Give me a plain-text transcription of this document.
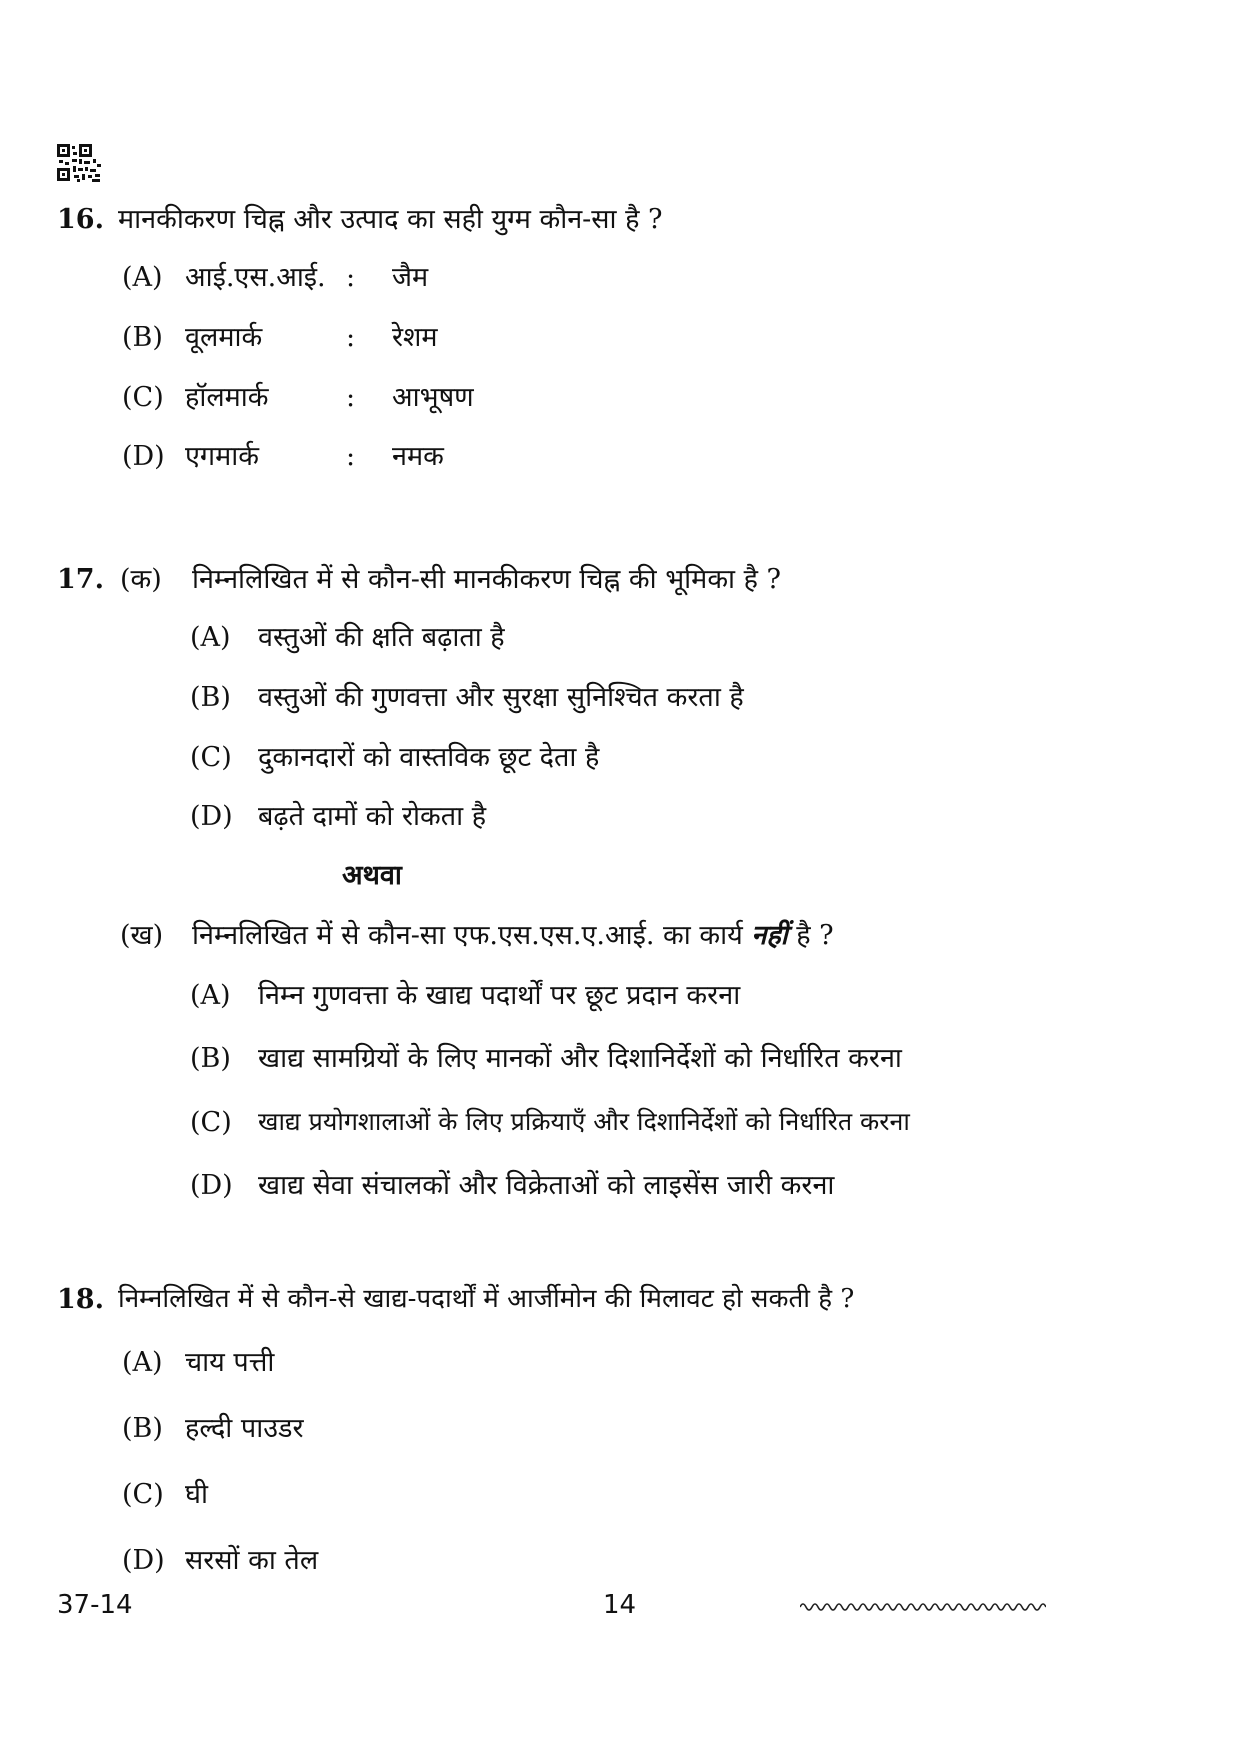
16. मानकीकरण चिह्न और उत्पाद का सही युग्म कौन-सा है ?
(A) आई.एस.आई. : जैम
(B) वूलमार्क	: रेशम
(C) हॉलमार्क	: आभूषण
(D) एगमार्क	: नमक
17. (क) निम्नलिखित में से कौन-सी मानकीकरण चिह्न की भूमिका है ?
(A) वस्तुओं की क्षति बढ़ाता है
(B) वस्तुओं की गुणवत्ता और सुरक्षा सुनिश्चित करता है
(C) दुकानदारों को वास्तविक छूट देता है
(D) बढ़ते दामों को रोकता है
अथवा
(ख) निम्नलिखित में से कौन-सा एफ.एस.एस.ए.आई. का कार्य नहीं है ?
(A) निम्न गुणवत्ता के खाद्य पदार्थों पर छूट प्रदान करना
(B) खाद्य सामग्रियों के लिए मानकों और दिशानिर्देशों को निर्धारित करना
(C) खाद्य प्रयोगशालाओं के लिए प्रक्रियाएँ और दिशानिर्देशों को निर्धारित करना
(D) खाद्य सेवा संचालकों और विक्रेताओं को लाइसेंस जारी करना
18. निम्नलिखित में से कौन-से खाद्य-पदार्थों में आर्जीमोन की मिलावट हो सकती है ?
(A) चाय पत्ती
(B) हल्दी पाउडर
(C) घी
(D) सरसों का तेल
37-14	14
